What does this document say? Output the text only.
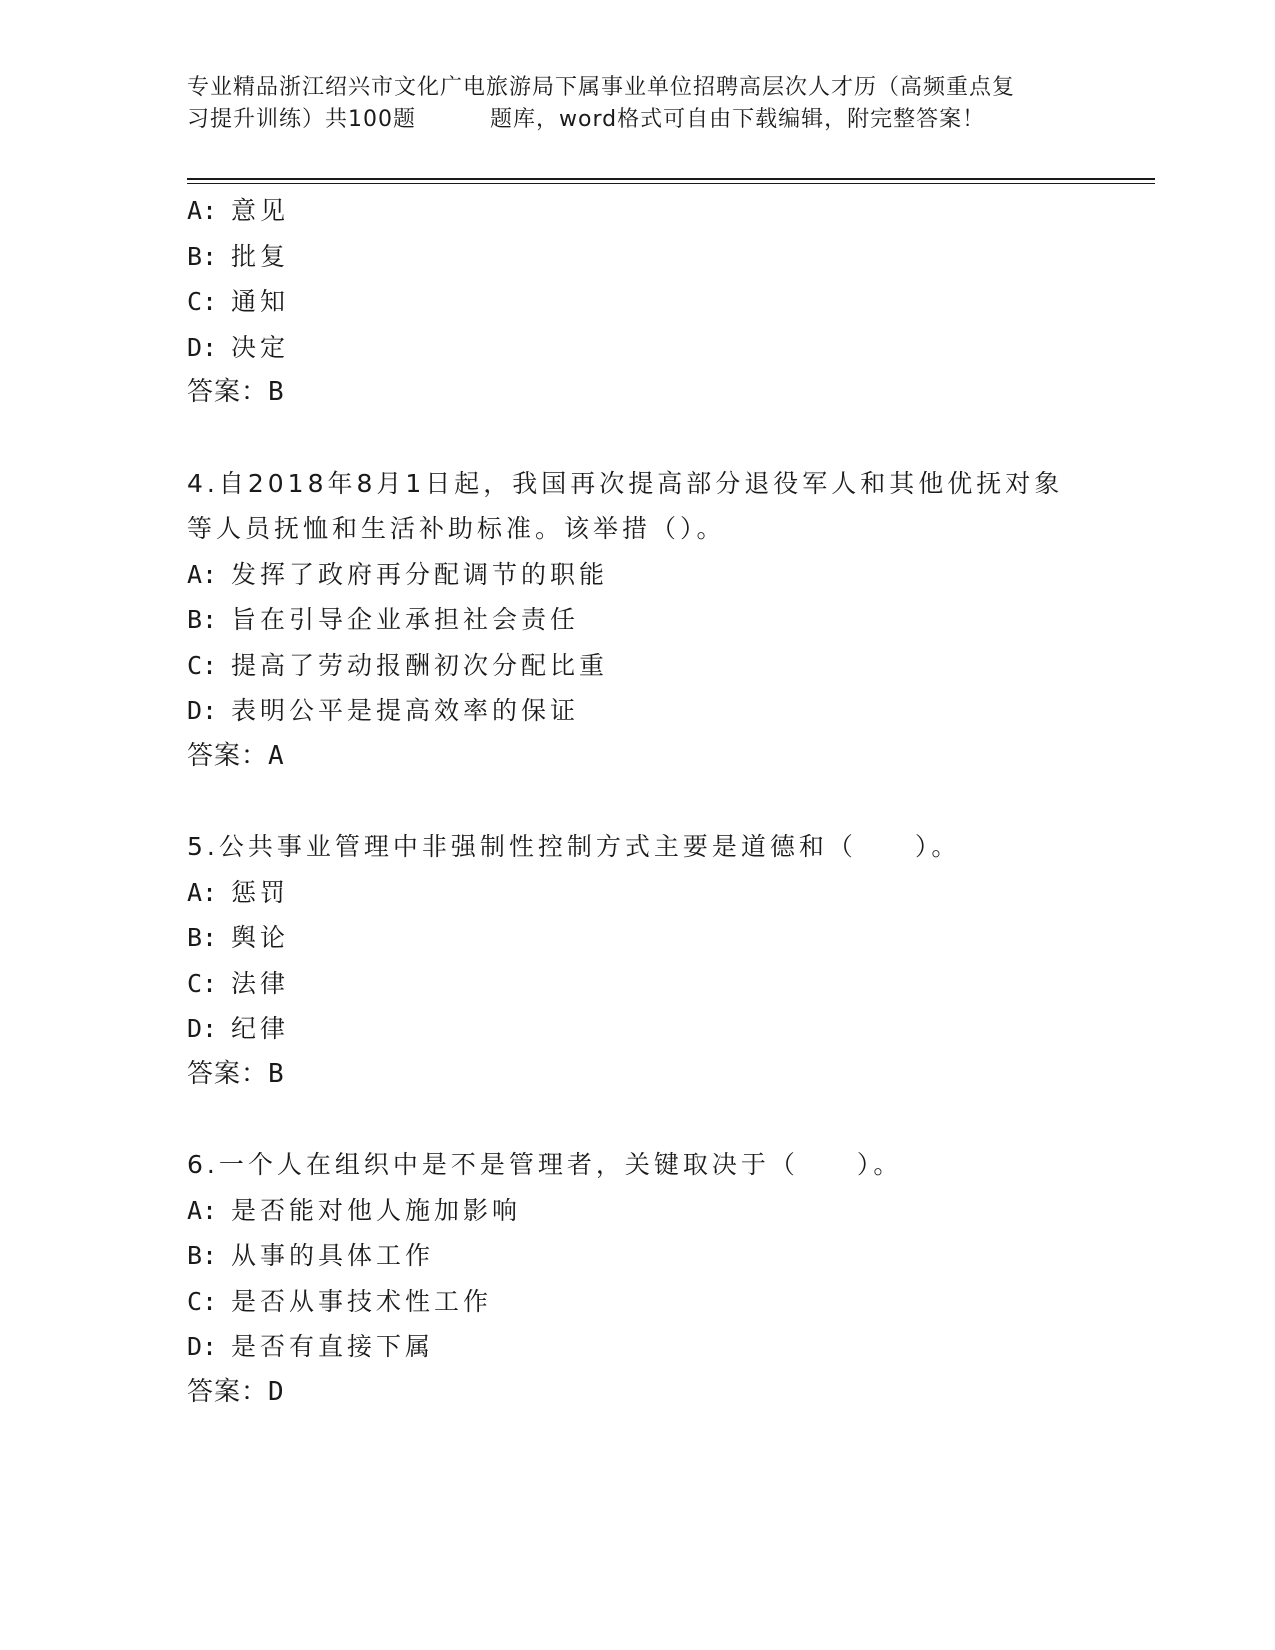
专业精品浙江绍兴市文化广电旅游局下属事业单位招聘高层次人才历（高频重点复
习提升训练）共100题	题库，word格式可自由下载编辑，附完整答案！
A: 意见
B: 批复
C: 通知
D: 决定
答案：B
4.自2018年8月1日起，我国再次提高部分退役军人和其他优抚对象
等人员抚恤和生活补助标准。该举措（）。
A: 发挥了政府再分配调节的职能
B: 旨在引导企业承担社会责任
C: 提高了劳动报酬初次分配比重
D: 表明公平是提高效率的保证
答案：A
5.公共事业管理中非强制性控制方式主要是道德和（　　）。
A: 惩罚
B: 舆论
C: 法律
D: 纪律
答案：B
6.一个人在组织中是不是管理者，关键取决于（　　）。
A: 是否能对他人施加影响
B: 从事的具体工作
C: 是否从事技术性工作
D: 是否有直接下属
答案：D
